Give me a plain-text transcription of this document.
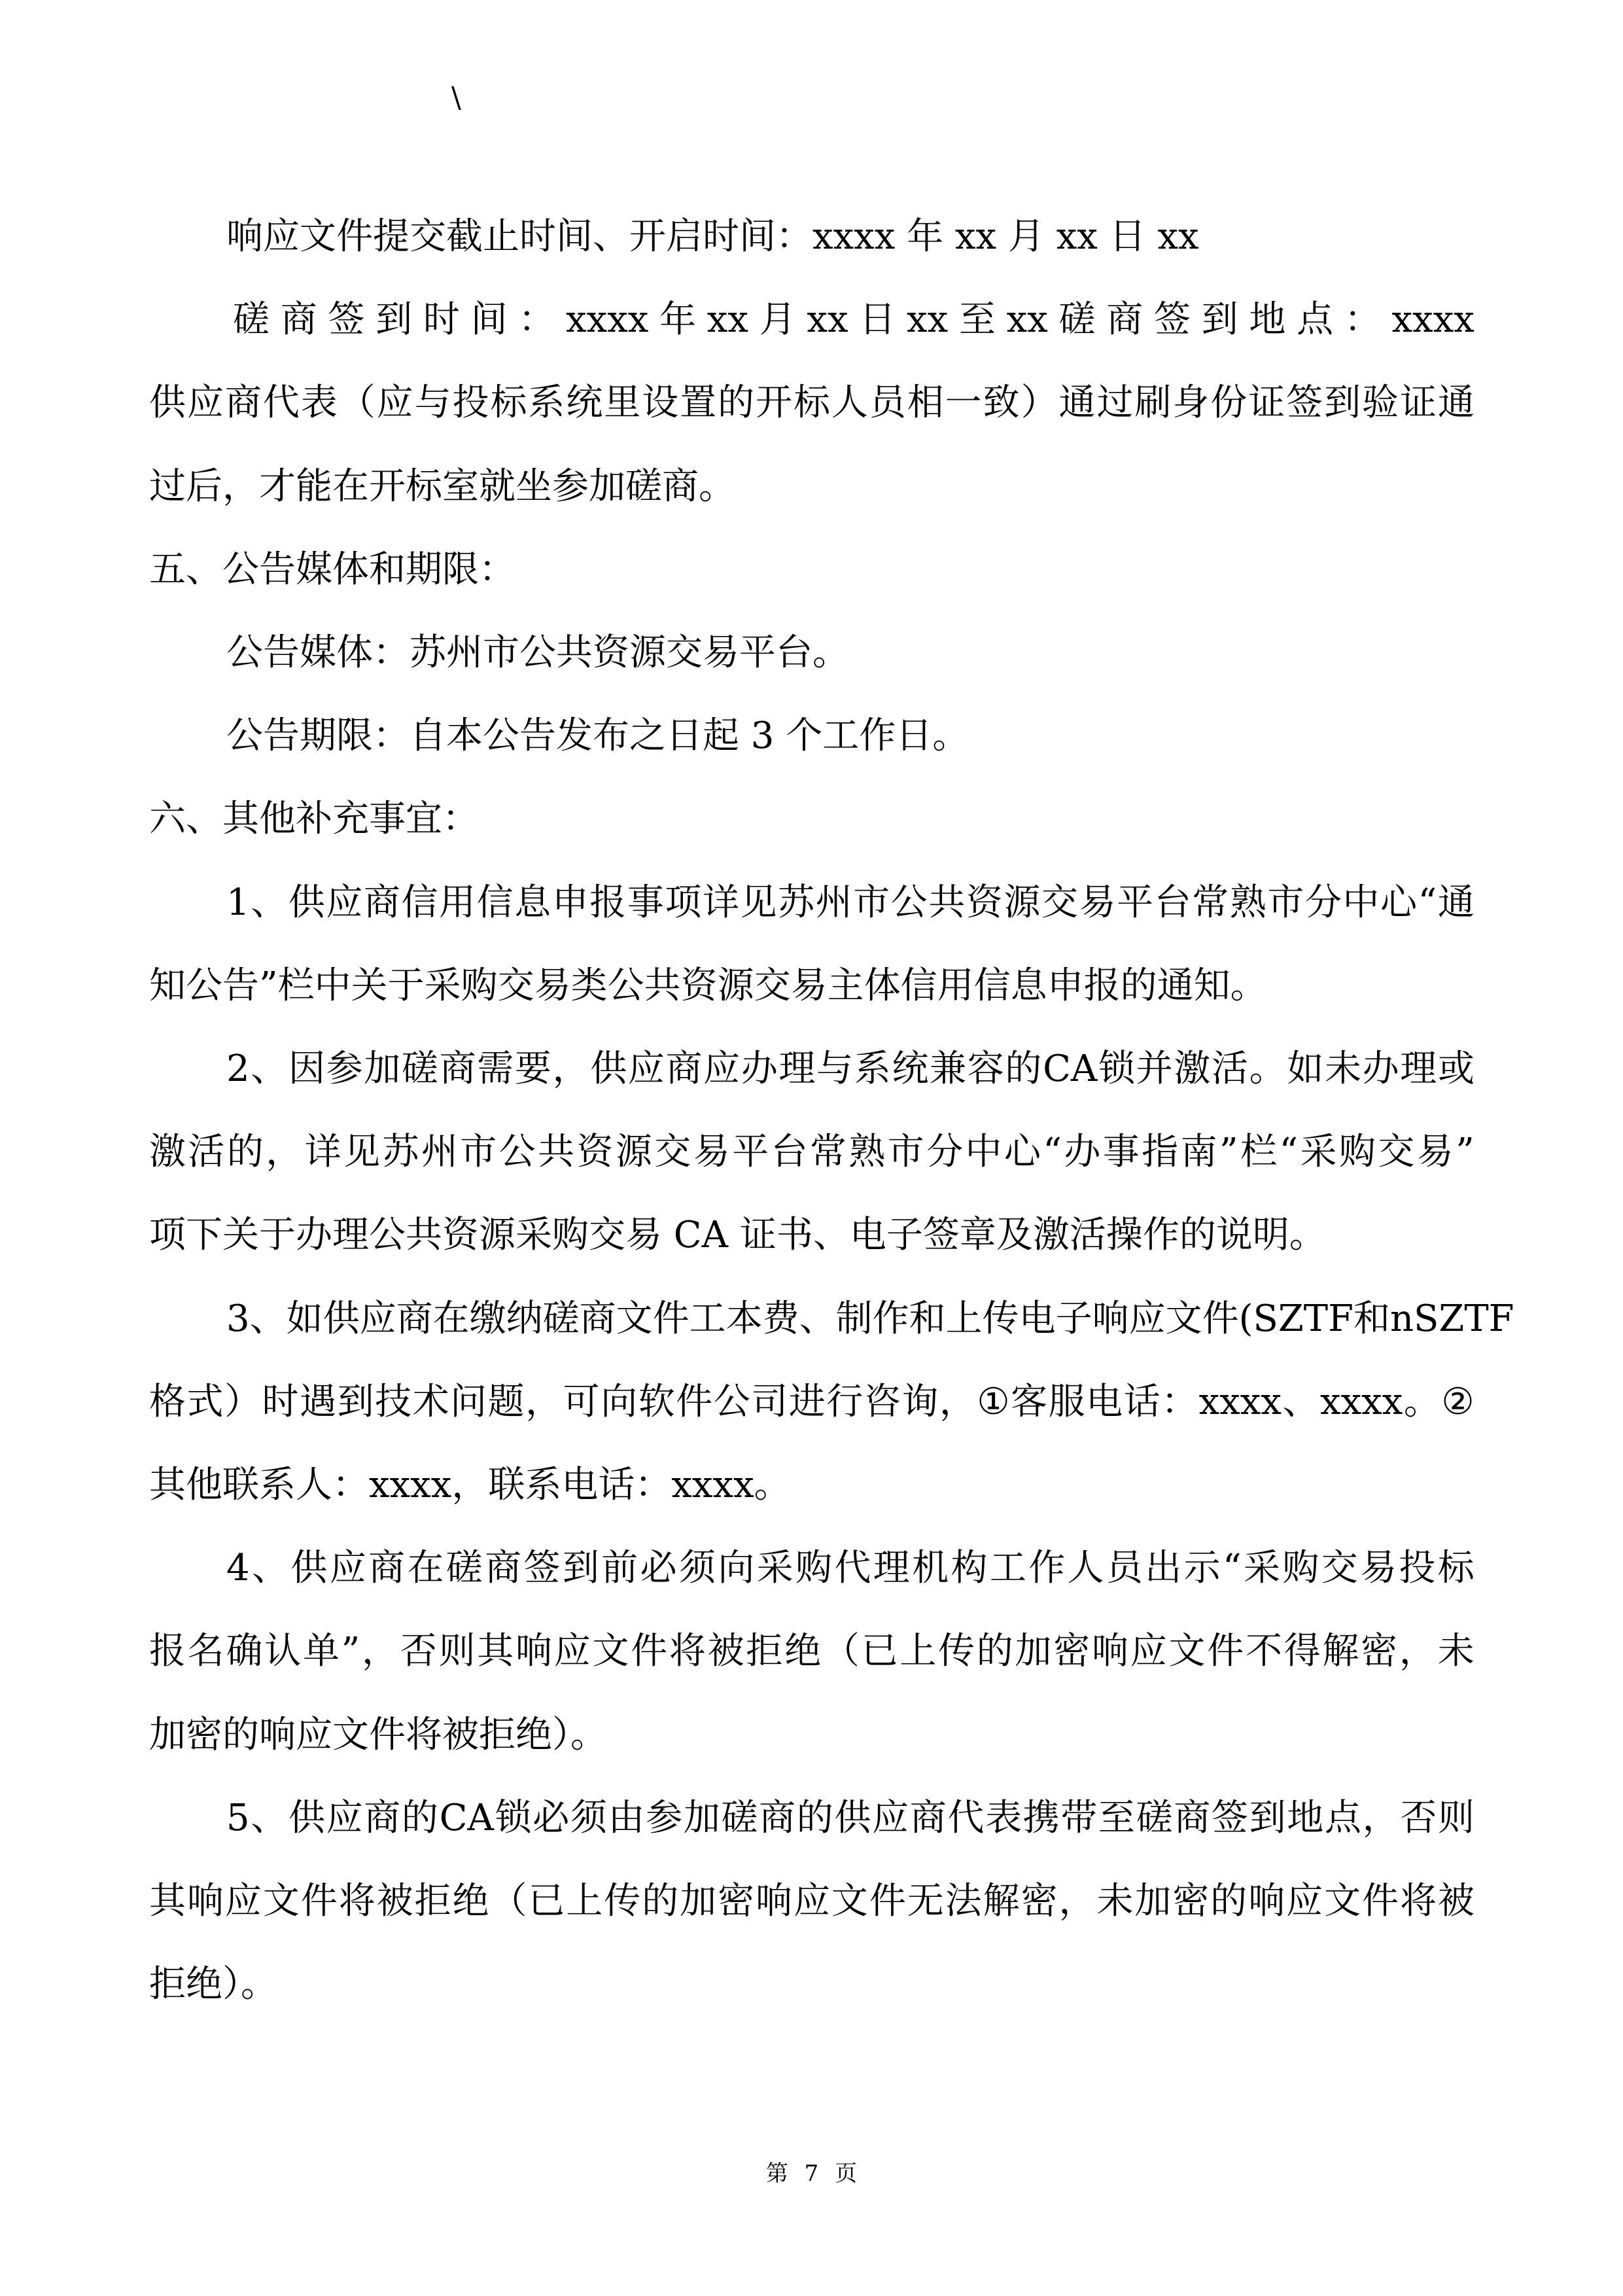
\
响应文件提交截止时间、开启时间：xxxx 年 xx 月 xx 日 xx
磋 商 签 到 时 间 ： xxxx 年 xx 月 xx 日 xx 至 xx 磋 商 签 到 地 点 ： xxxx
供 应 商 代 表 （ 应 与 投 标 系 统 里 设 置 的 开 标 人 员 相 一 致 ） 通 过 刷 身 份 证 签 到 验 证 通
过后，才能在开标室就坐参加磋商。
五、公告媒体和期限：
公告媒体：苏州市公共资源交易平台。
公告期限：自本公告发布之日起 3 个工作日。
六、其他补充事宜：
1 、 供 应 商 信 用 信 息 申 报 事 项 详 见 苏 州 市 公 共 资 源 交 易 平 台 常 熟 市 分 中 心 “ 通
知公告”栏中关于采购交易类公共资源交易主体信用信息申报的通知。
2 、 因 参 加 磋 商 需 要 ， 供 应 商 应 办 理 与 系 统 兼 容 的 CA 锁 并 激 活 。 如 未 办 理 或
激 活 的 ， 详 见 苏 州 市 公 共 资 源 交 易 平 台 常 熟 市 分 中 心 “ 办 事 指 南 ” 栏 “ 采 购 交 易 ”
项下关于办理公共资源采购交易 CA 证书、电子签章及激活操作的说明。
3 、 如 供 应 商 在 缴 纳 磋 商 文 件 工 本 费 、 制 作 和 上 传 电 子 响 应 文 件 ( SZTF 和 nSZTF
格 式 ） 时 遇 到 技 术 问 题 ， 可 向 软 件 公 司 进 行 咨 询 ， ① 客 服 电 话 ： xxxx 、 xxxx 。 ②
其他联系人：xxxx，联系电话：xxxx。
4 、 供 应 商 在 磋 商 签 到 前 必 须 向 采 购 代 理 机 构 工 作 人 员 出 示 “ 采 购 交 易 投 标
报 名 确 认 单 ” ， 否 则 其 响 应 文 件 将 被 拒 绝 （ 已 上 传 的 加 密 响 应 文 件 不 得 解 密 ， 未
加密的响应文件将被拒绝）。
5 、 供 应 商 的 CA 锁 必 须 由 参 加 磋 商 的 供 应 商 代 表 携 带 至 磋 商 签 到 地 点 ， 否 则
其 响 应 文 件 将 被 拒 绝 （ 已 上 传 的 加 密 响 应 文 件 无 法 解 密 ， 未 加 密 的 响 应 文 件 将 被
拒绝）。
第 7 页
